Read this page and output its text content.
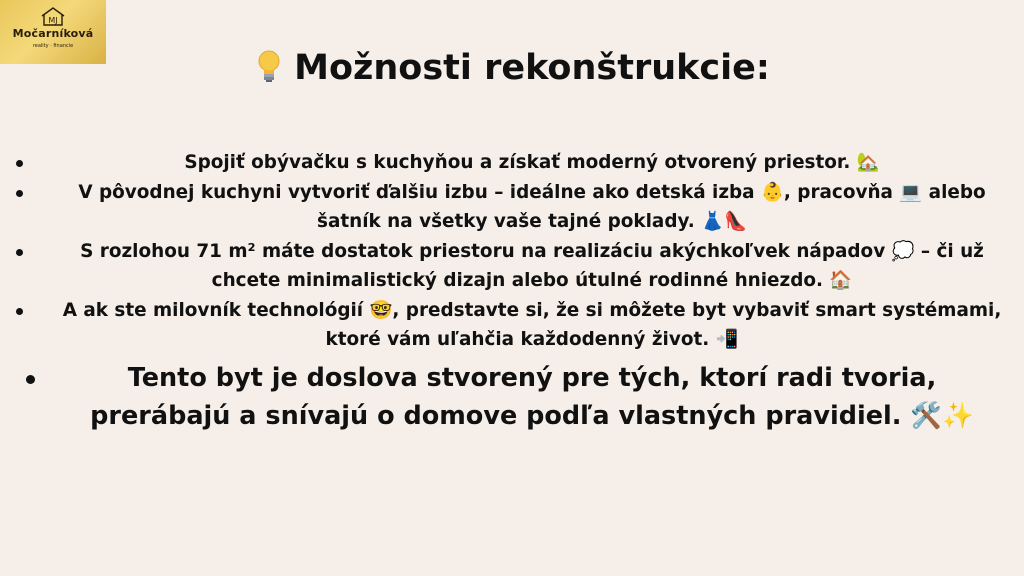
MJ
Močarníková
reality · financie
Možnosti rekonštrukcie:
Spojiť obývačku s kuchyňou a získať moderný otvorený priestor. 🏡
V pôvodnej kuchyni vytvoriť ďalšiu izbu – ideálne ako detská izba 👶, pracovňa 💻 alebo šatník na všetky vaše tajné poklady. 👗👠
S rozlohou 71 m² máte dostatok priestoru na realizáciu akýchkoľvek nápadov 💭 – či už chcete minimalistický dizajn alebo útulné rodinné hniezdo. 🏠
A ak ste milovník technológií 🤓, predstavte si, že si môžete byt vybaviť smart systémami, ktoré vám uľahčia každodenný život. 📲
Tento byt je doslova stvorený pre tých, ktorí radi tvoria, prerábajú a snívajú o domove podľa vlastných pravidiel. 🛠️✨
